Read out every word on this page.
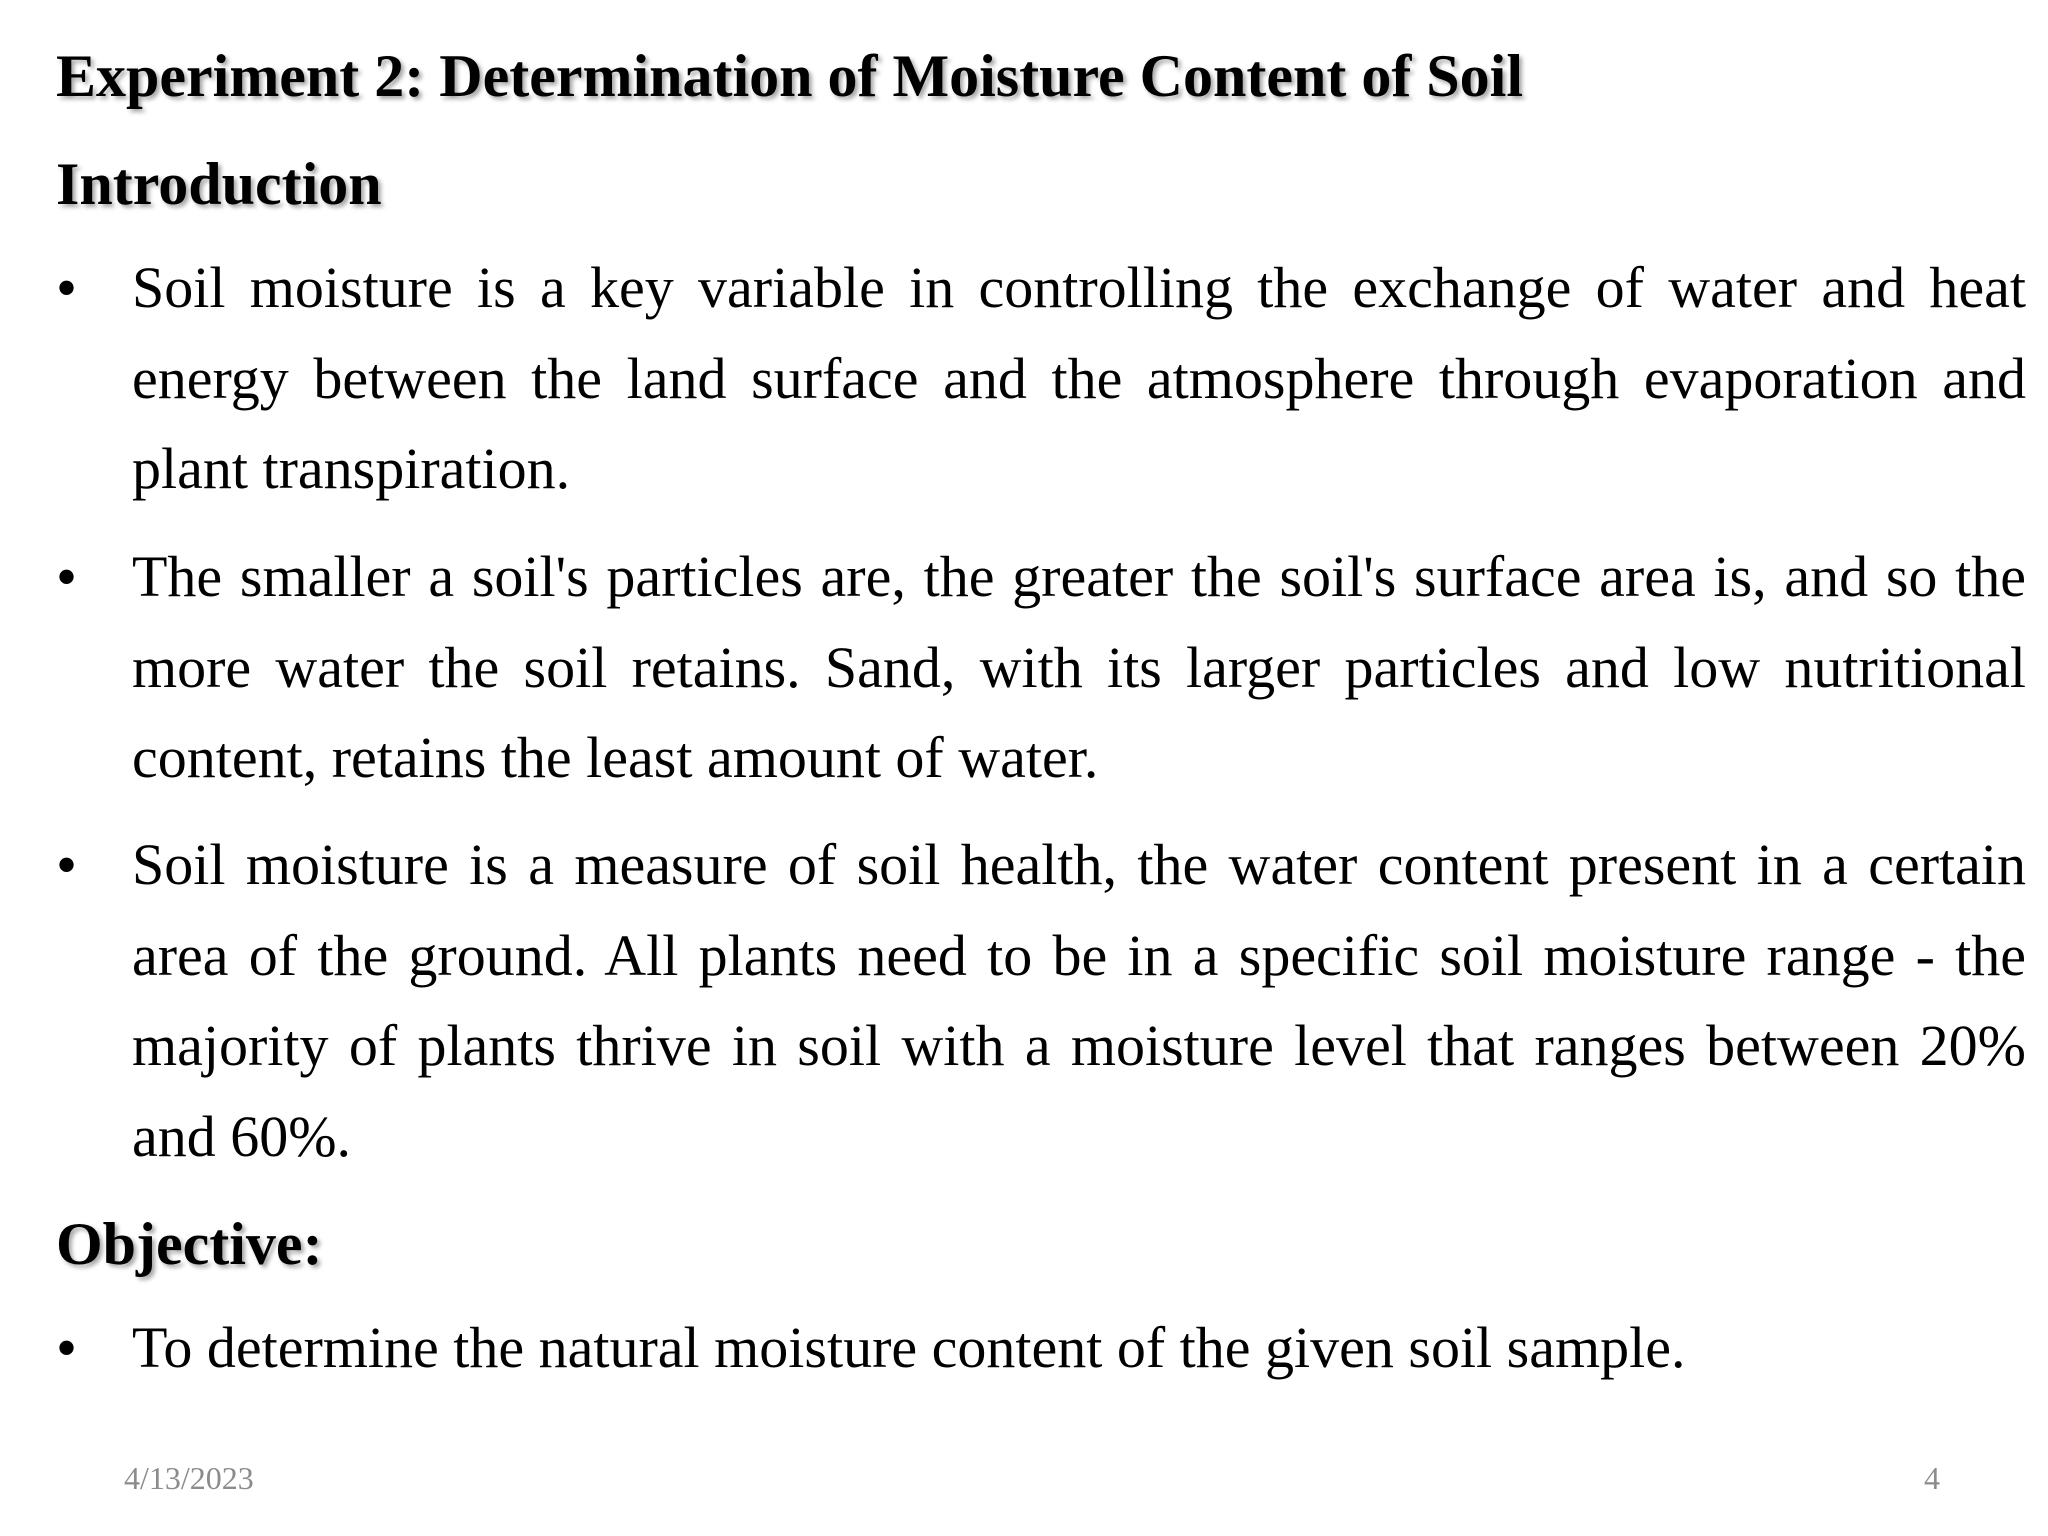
Experiment 2: Determination of Moisture Content of Soil
Introduction
• Soil moisture is a key variable in controlling the exchange of water and heat energy between the land surface and the atmosphere through evaporation and plant transpiration.
• The smaller a soil's particles are, the greater the soil's surface area is, and so the more water the soil retains. Sand, with its larger particles and low nutritional content, retains the least amount of water.
• Soil moisture is a measure of soil health, the water content present in a certain area of the ground. All plants need to be in a specific soil moisture range - the majority of plants thrive in soil with a moisture level that ranges between 20% and 60%.
Objective:
• To determine the natural moisture content of the given soil sample.
4/13/2023	4
